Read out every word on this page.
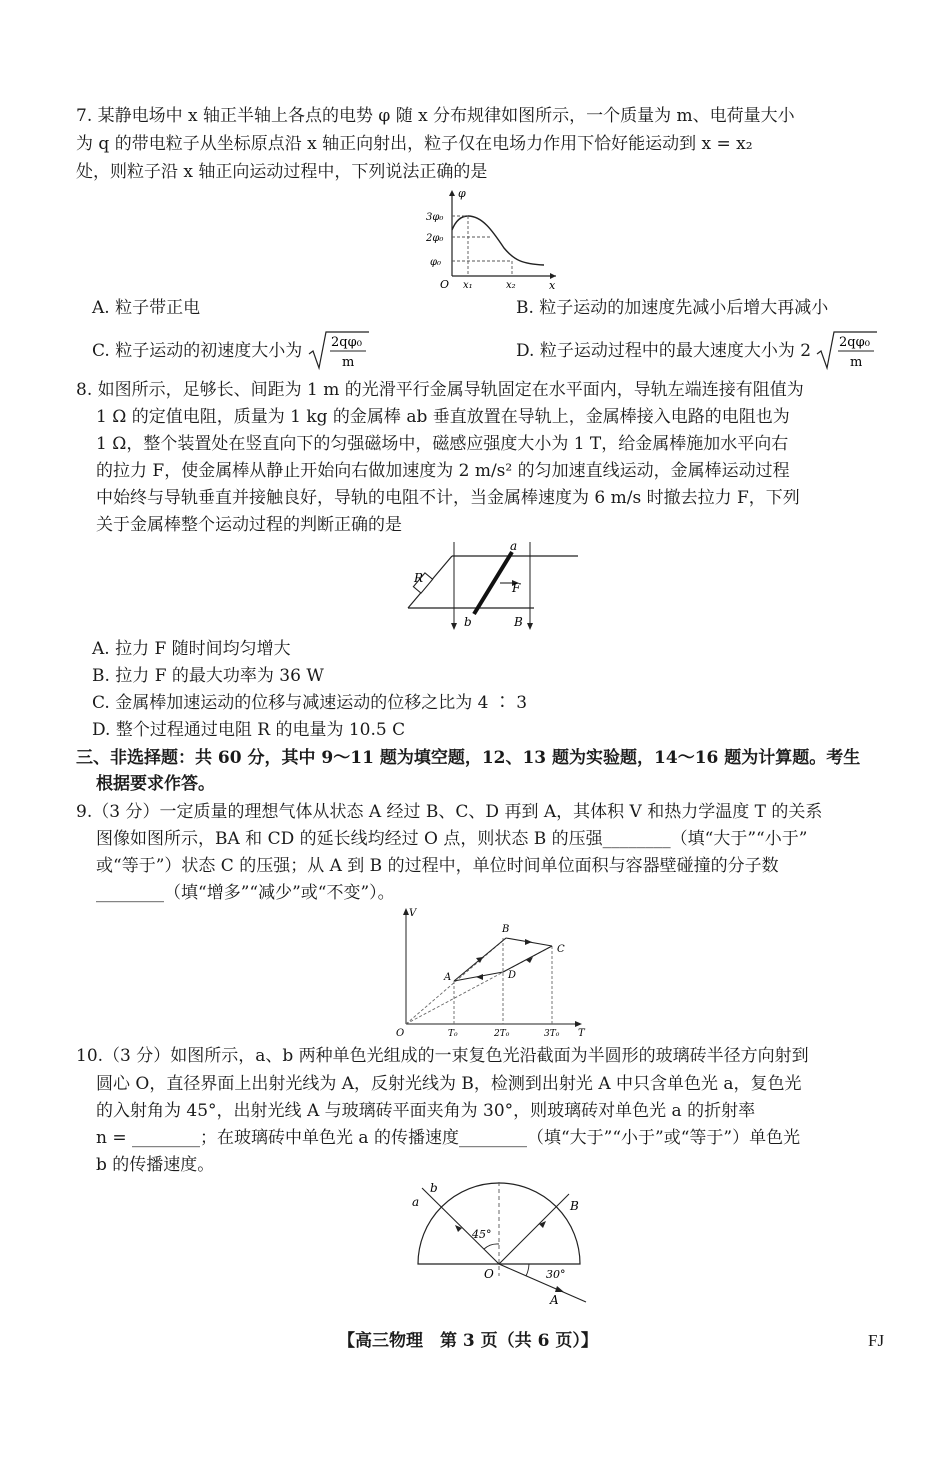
7. 某静电场中 x 轴正半轴上各点的电势 φ 随 x 分布规律如图所示，一个质量为 m、电荷量大小
为 q 的带电粒子从坐标原点沿 x 轴正向射出，粒子仅在电场力作用下恰好能运动到 x = x₂
处，则粒子沿 x 轴正向运动过程中，下列说法正确的是
3φ₀
2φ₀
φ₀
φ
x
O x₁	x₂
A. 粒子带正电	B. 粒子运动的加速度先减小后增大再减小
C. 粒子运动的初速度大小为 2qφ₀
m
D. 粒子运动过程中的最大速度大小为 2 2qφ₀
m
8. 如图所示，足够长、间距为 1 m 的光滑平行金属导轨固定在水平面内，导轨左端连接有阻值为
1 Ω 的定值电阻，质量为 1 kg 的金属棒 ab 垂直放置在导轨上，金属棒接入电路的电阻也为
1 Ω，整个装置处在竖直向下的匀强磁场中，磁感应强度大小为 1 T，给金属棒施加水平向右
的拉力 F，使金属棒从静止开始向右做加速度为 2 m/s² 的匀加速直线运动，金属棒运动过程
中始终与导轨垂直并接触良好，导轨的电阻不计，当金属棒速度为 6 m/s 时撤去拉力 F，下列
关于金属棒整个运动过程的判断正确的是
a
b
R
F
B
A. 拉力 F 随时间均匀增大
B. 拉力 F 的最大功率为 36 W
C. 金属棒加速运动的位移与减速运动的位移之比为 4 ∶ 3
D. 整个过程通过电阻 R 的电量为 10.5 C
三、非选择题：共 60 分，其中 9～11 题为填空题，12、13 题为实验题，14～16 题为计算题。考生
根据要求作答。
9.（3 分）一定质量的理想气体从状态 A 经过 B、C、D 再到 A，其体积 V 和热力学温度 T 的关系
图像如图所示，BA 和 CD 的延长线均经过 O 点，则状态 B 的压强________（填“大于”“小于”
或“等于”）状态 C 的压强；从 A 到 B 的过程中，单位时间单位面积与容器壁碰撞的分子数
________（填“增多”“减少”或“不变”）。
V
T
O
A
B
C
D
T₀	2T₀	3T₀
10.（3 分）如图所示，a、b 两种单色光组成的一束复色光沿截面为半圆形的玻璃砖半径方向射到
圆心 O，直径界面上出射光线为 A，反射光线为 B，检测到出射光 A 中只含单色光 a，复色光
的入射角为 45°，出射光线 A 与玻璃砖平面夹角为 30°，则玻璃砖对单色光 a 的折射率
n = ________；在玻璃砖中单色光 a 的传播速度________（填“大于”“小于”或“等于”）单色光
b 的传播速度。
a
b
B
A
O
45°
30°
【高三物理　第 3 页（共 6 页）】	FJ
